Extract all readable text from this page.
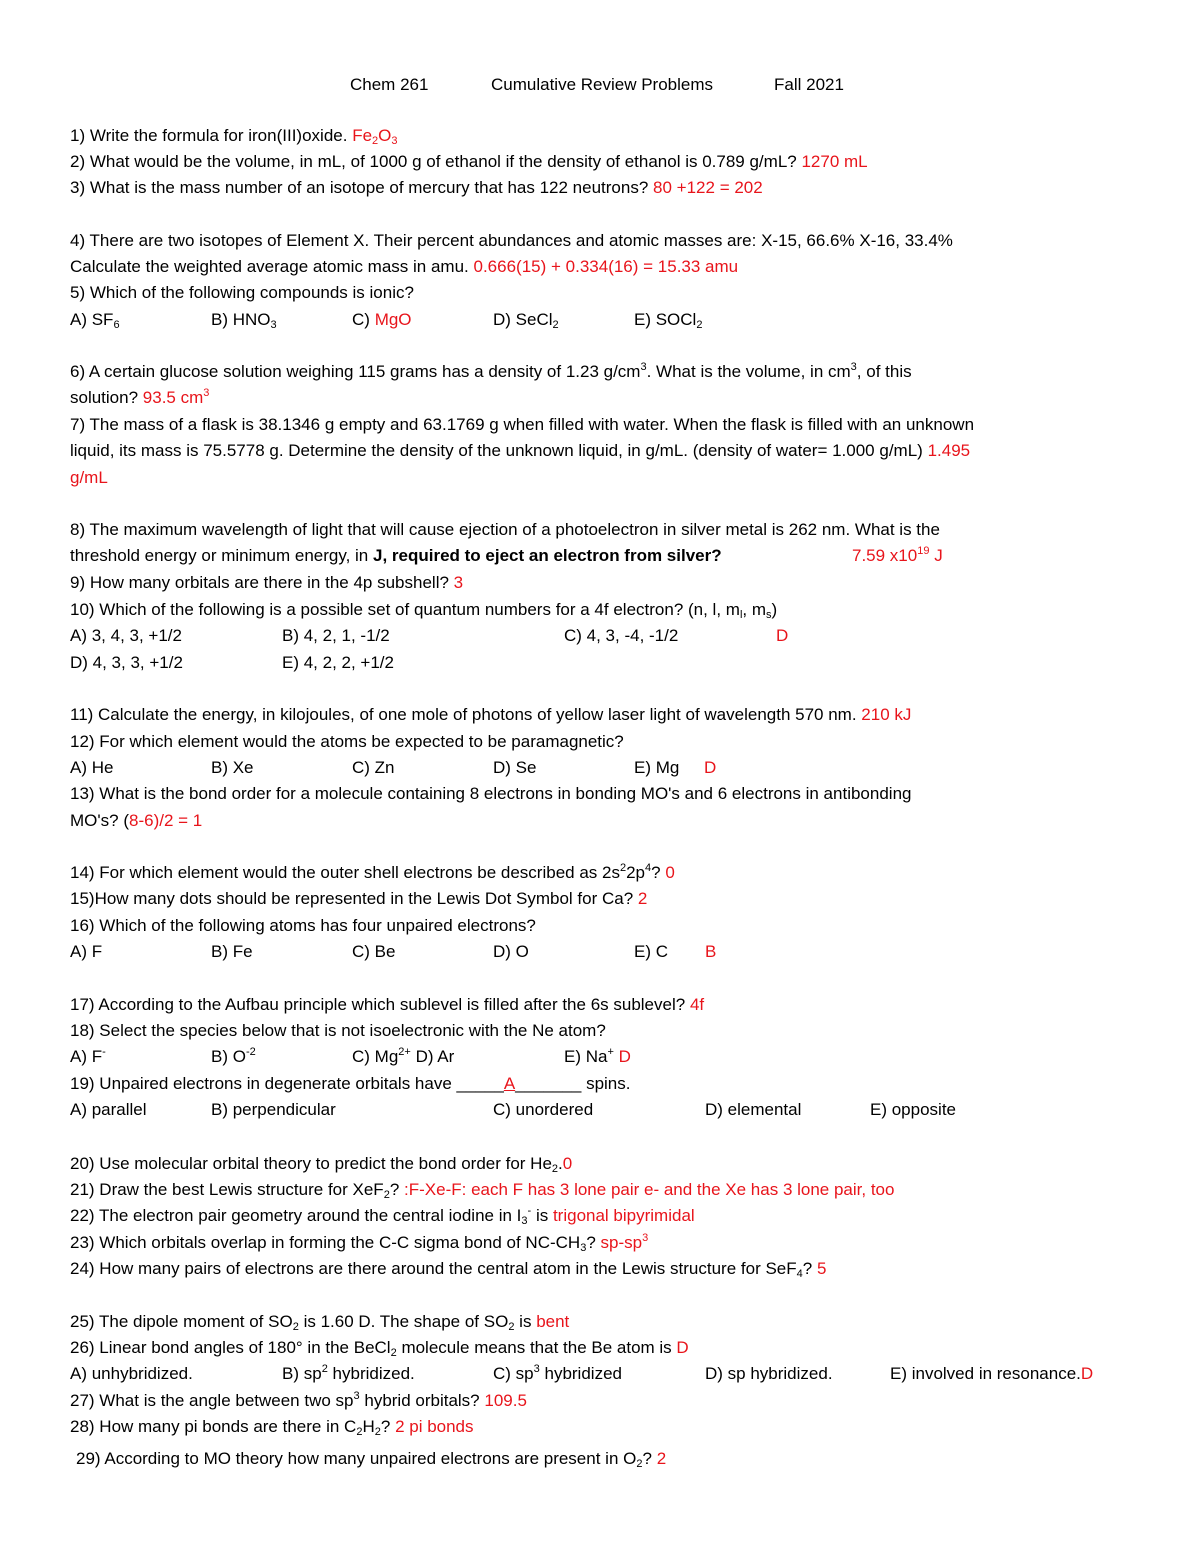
Chem 261	Cumulative Review Problems	Fall 2021
1) Write the formula for iron(III)oxide. $Fe_2O_3$
2) What would be the volume, in mL, of 1000 g of ethanol if the density of ethanol is 0.789 g/mL? 1270 mL
3) What is the mass number of an isotope of mercury that has 122 neutrons? 80 +122 = 202
4) There are two isotopes of Element X. Their percent abundances and atomic masses are: X-15, 66.6% X-16, 33.4%
Calculate the weighted average atomic mass in amu. 0.666(15) + 0.334(16) = 15.33 amu
5) Which of the following compounds is ionic?
A) $SF_6$	B) $HNO_3$	C) MgO	D) SeCl$_2$	E) SOCl$_2$
6) A certain glucose solution weighing 115 grams has a density of 1.23 $g/cm^3$. What is the volume, in $cm^3$, of this
solution? 93.5 $cm^3$
7) The mass of a flask is 38.1346 g empty and 63.1769 g when filled with water. When the flask is filled with an unknown
liquid, its mass is 75.5778 g. Determine the density of the unknown liquid, in g/mL. (density of water= 1.000 g/mL) 1.495
g/mL
8) The maximum wavelength of light that will cause ejection of a photoelectron in silver metal is 262 nm. What is the
threshold energy or minimum energy, in J, required to eject an electron from silver?	7.59 $x10^{19}$ J
9) How many orbitals are there in the 4p subshell? 3
10) Which of the following is a possible set of quantum numbers for a 4f electron? (n, l, $m_l$, $m_s$)
A) 3, 4, 3, +1/2	B) 4, 2, 1, -1/2	C) 4, 3, -4, -1/2	D
D) 4, 3, 3, +1/2	E) 4, 2, 2, +1/2
11) Calculate the energy, in kilojoules, of one mole of photons of yellow laser light of wavelength 570 nm. 210 kJ
12) For which element would the atoms be expected to be paramagnetic?
A) He	B) Xe	C) Zn	D) Se	E) Mg D
13) What is the bond order for a molecule containing 8 electrons in bonding MO's and 6 electrons in antibonding
MO's? (8-6)/2 = 1
14) For which element would the outer shell electrons be described as $2s^22p^4$? 0
15)How many dots should be represented in the Lewis Dot Symbol for Ca? 2
16) Which of the following atoms has four unpaired electrons?
A) F	B) Fe	C) Be	D) O	E) C B
17) According to the Aufbau principle which sublevel is filled after the 6s sublevel? 4f
18) Select the species below that is not isoelectronic with the Ne atom?
A) F-	B) $O^{-2}$	C) $Mg^{2+}$ D) Ar	E) Na+ D
19) Unpaired electrons in degenerate orbitals have _____A_______ spins.
A) parallel	B) perpendicular	C) unordered	D) elemental	E) opposite
20) Use molecular orbital theory to predict the bond order for $He_2.0$
21) Draw the best Lewis structure for XeF$_2$? :F-Xe-F: each F has 3 lone pair e- and the Xe has 3 lone pair, too
22) The electron pair geometry around the central iodine in $I_3^-$ is trigonal bipyrimidal
23) Which orbitals overlap in forming the C-C sigma bond of $NC-CH_3$? $sp-sp^3$
24) How many pairs of electrons are there around the central atom in the Lewis structure for SeF$_4$? 5
25) The dipole moment of $SO_2$ is 1.60 D. The shape of $SO_2$ is bent
26) Linear bond angles of 180° in the BeCl$_2$ molecule means that the Be atom is D
A) unhybridized.	B) $sp^2$ hybridized.	C) $sp^3$ hybridized	D) sp hybridized.	E) involved in resonance.D
27) What is the angle between two $sp^3$ hybrid orbitals? 109.5
28) How many pi bonds are there in $C_2H_2$? 2 pi bonds
29) According to MO theory how many unpaired electrons are present in $O_2$? 2
